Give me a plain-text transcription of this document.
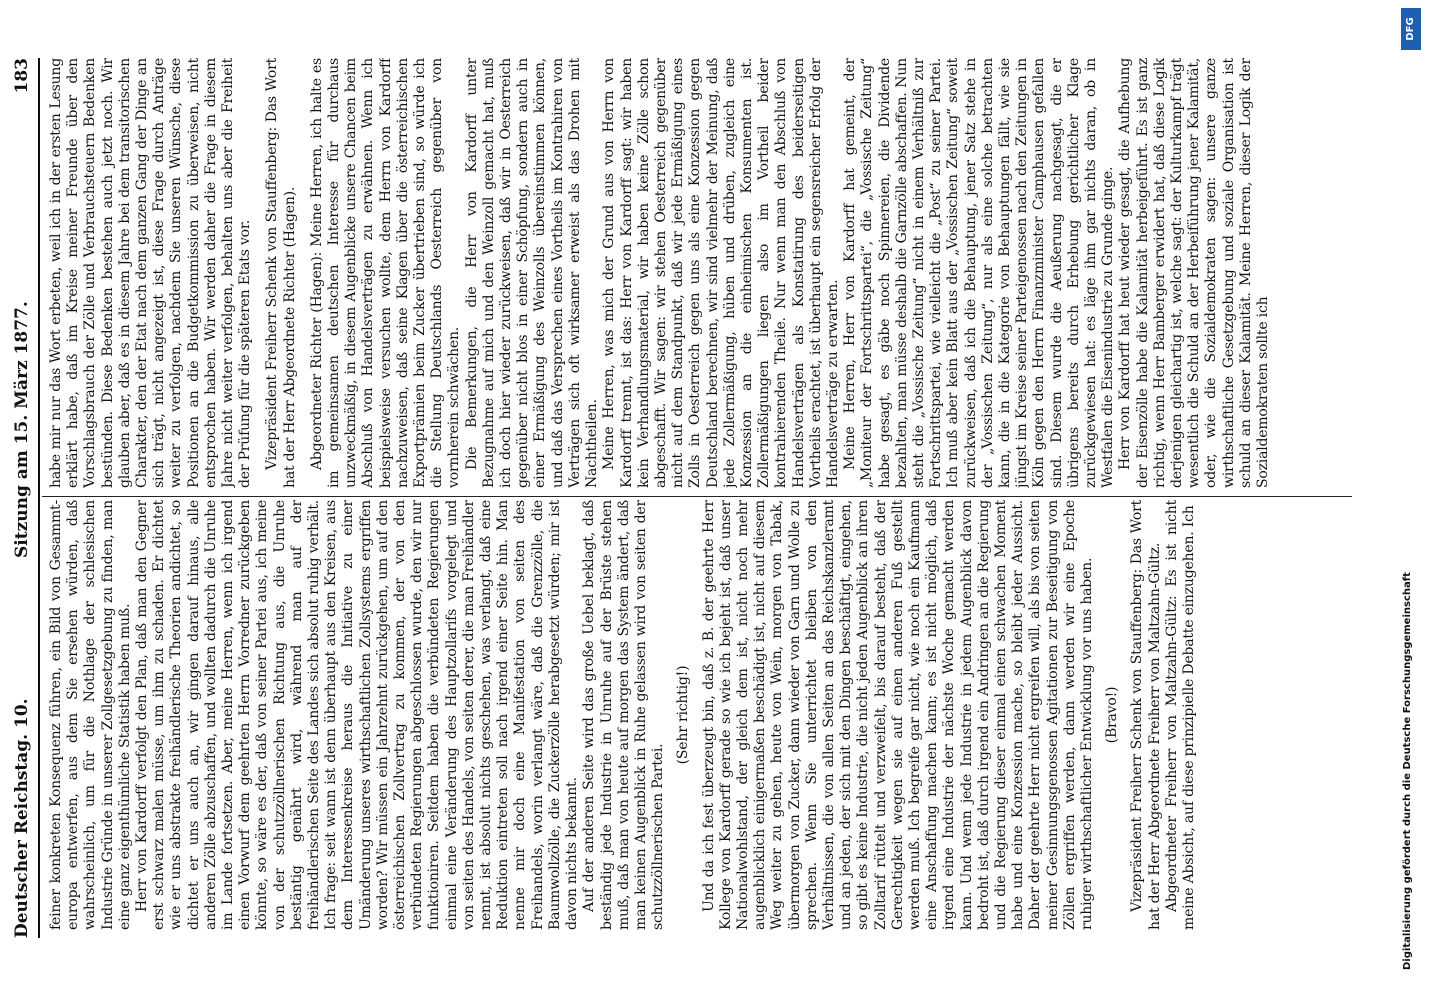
Deutscher Reichstag. 10.
Sitzung am 15. März 1877.
183

feiner konkreten Konsequenz führen, ein Bild von Gesammt-europa entwerfen, aus dem Sie ersehen würden, daß wahrscheinlich, um für die Nothlage der schlesischen Industrie Gründe in unserer Zollgesetzgebung zu finden, man eine ganz eigenthümliche Statistik haben muß. Herr von Kardorff verfolgt den Plan, daß man den Gegner erst schwarz malen müsse, um ihm zu schaden. Er dichtet wie er uns abstrakte freihändlerische Theorien andichtet, so dichtet er uns auch an, wir gingen darauf hinaus, alle anderen Zölle abzuschaffen, und wollten dadurch die Unruhe im Lande fortsetzen. Aber, meine Herren, wenn ich irgend einen Vorwurf dem geehrten Herrn Vorredner zurückgeben könnte, so wäre es der, daß von seiner Partei aus, ich meine von der schutzzöllnerischen Richtung aus, die Unruhe bestäntig genährt wird, während man auf der freihändlerischen Seite des Landes sich absolut ruhig verhält. Ich frage: seit wann ist denn überhaupt aus den Kreisen, aus dem Interessenkreise heraus die Initiative zu einer Umänderung unseres wirthschaftlichen Zollsystems ergriffen worden? Wir müssen ein Jahrzehnt zurückgehen, um auf den österreichischen Zollvertrag zu kommen, der von den verbündeten Regierungen abgeschlossen wurde, den wir nur funktioniren. Seitdem haben die verbündeten Regierungen einmal eine Veränderung des Hauptzollarifs vorgelegt und von seiten des Handels, von seiten derer, die man Freihändler nennt, ist absolut nichts geschehen, was verlangt, daß eine Reduktion eintreten soll nach irgend einer Seite hin. Man nenne mir doch eine Manifestation von seiten des Freihandels, worin verlangt wäre, daß die Grenzzölle, die Baumwollzölle, die Zuckerzölle herabgesetzt würden; mir ist davon nichts bekannt. Auf der anderen Seite wird das große Uebel beklagt, daß beständig jede Industrie in Unruhe auf der Brüste stehen muß, daß man von heute auf morgen das System ändert, daß man keinen Augenblick in Ruhe gelassen wird von seiten der schutzzöllnerischen Partei.

(Sehr richtig!) Und da ich fest überzeugt bin, daß z. B. der geehrte Herr Kollege von Kardorff gerade so wie ich bejeht ist, daß unser Nationalwohlstand, der gleich dem ist, nicht noch mehr augenblicklich einigermaßen beschädigt ist, nicht auf diesem Weg weiter zu gehen, heute von Wein, morgen von Tabak, übermorgen von Zucker, dann wieder von Garn und Wolle zu sprechen. Wenn Sie unterrichtet bleiben von den Verhältnissen, die von allen Seiten an das Reichskanzleramt und an jeden, der sich mit den Dingen beschäftigt, eingehen, so gibt es keine Industrie, die nicht jeden Augenblick an ihren Zolltarif rüttelt und verzweifelt, bis darauf besteht, daß der Gerechtigkeit wegen sie auf einen anderen Fuß gestellt werden muß. Ich begreife gar nicht, wie noch ein Kaufmann eine Anschaffung machen kann; es ist nicht möglich, daß irgend eine Industrie der nächste Woche gemacht werden kann. Und wenn jede Industrie in jedem Augenblick davon bedroht ist, daß durch irgend ein Andringen an die Regierung und die Regierung dieser einmal einen schwachen Moment habe und eine Konzession mache, so bleibt jeder Aussicht. Daher der geehrte Herr nicht ergreifen will, als bis von seiten meiner Gesinnungsgenossen Agitationen zur Beseitigung von Zöllen ergriffen werden, dann werden wir eine Epoche ruhiger wirthschaftlicher Entwicklung vor uns haben. (Bravo!) Vizepräsident Freiherr Schenk von Stauffenberg: Das Wort hat der Herr Abgeordnete Freiherr von Maltzahn-Gültz. Abgeordneter Freiherr von Maltzahn-Gültz: Es ist nicht meine Absicht, auf diese prinzipielle Debatte einzugehen. Ich

habe mir nur das Wort erbeten, weil ich in der ersten Lesung erklärt habe, daß im Kreise meiner Freunde über den Vorschlagsbrauch der Zölle und Verbrauchsteuern Bedenken bestünden. Diese Bedenken bestehen auch jetzt noch. Wir glauben aber, daß es in diesem Jahre bei dem transitorischen Charakter, den der Etat nach dem ganzen Gang der Dinge an sich trägt, nicht angezeigt ist, diese Frage durch Anträge weiter zu verfolgen, nachdem Sie unseren Wünsche, diese Positionen an die Budgetkommission zu überweisen, nicht entsprochen haben. Wir werden daher die Frage in diesem Jahre nicht weiter verfolgen, behalten uns aber die Freiheit der Prüfung für die späteren Etats vor. Vizepräsident Freiherr Schenk von Stauffenberg: Das Wort hat der Herr Abgeordnete Richter (Hagen). Abgeordneter Richter (Hagen): Meine Herren, ich halte es im gemeinsamen deutschen Interesse für durchaus unzweckmäßig, in diesem Augenblicke unsere Chancen beim Abschluß von Handelsverträgen zu erwähnen. Wenn ich beispielsweise versuchen wollte, dem Herrn von Kardorff nachzuweisen, daß seine Klagen über die österreichischen Exportprämien beim Zucker übertrieben sind, so würde ich die Stellung Deutschlands Oesterreich gegenüber von vornherein schwächen. Die Bemerkungen, die Herr von Kardorff unter Bezugnahme auf mich und den Weinzoll gemacht hat, muß ich doch hier wieder zurückweisen, daß wir in Oesterreich gegenüber nicht blos in einer Schöpfung, sondern auch in einer Ermäßigung des Weinzolls übereinstimmen können, und daß das Versprechen eines Vortheils im Kontrahiren von Verträgen sich oft wirksamer erweist als das Drohen mit Nachtheilen. Meine Herren, was mich der Grund aus von Herrn von Kardorff trennt, ist das: Herr von Kardorff sagt: wir haben kein Verhandlungsmaterial, wir haben keine Zölle schon abgeschafft. Wir sagen: wir stehen Oesterreich gegenüber nicht auf dem Standpunkt, daß wir jede Ermäßigung eines Zolls in Oesterreich gegen uns als eine Konzession gegen Deutschland berechnen, wir sind vielmehr der Meinung, daß jede Zollermäßigung, hüben und drüben, zugleich eine Konzession an die einheimischen Konsumenten ist. Zollermäßigungen liegen also im Vortheil beider kontrahierenden Theile. Nur wenn man den Abschluß von Handelsverträgen als Konstatirung des beiderseitigen Vortheils erachtet, ist überhaupt ein segensreicher Erfolg der Handelsverträge zu erwarten. Meine Herren, Herr von Kardorff hat gemeint, der „Moniteur der Fortschrittspartei“, die „Vossische Zeitung“ habe gesagt, es gäbe noch Spinnereien, die Dividende bezahlten, man müsse deshalb die Garnzölle abschaffen. Nun steht die „Vossische Zeitung“ nicht in einem Verhältniß zur Fortschrittspartei, wie vielleicht die „Post“ zu seiner Partei. Ich muß aber kein Blatt aus der „Vossischen Zeitung“ soweit zurückweisen, daß ich die Behauptung, jener Satz stehe in der „Vossischen Zeitung“, nur als eine solche betrachten kann, die in die Kategorie von Behauptungen fällt, wie sie jüngst im Kreise seiner Parteigenossen nach den Zeitungen in Köln gegen den Herrn Finanzminister Camphausen gefallen sind. Diesem wurde die Aeußerung nachgesagt, die er übrigens bereits durch Erhebung gerichtlicher Klage zurückgewiesen hat: es läge ihm gar nichts daran, ob in Westfalen die Eisenindustrie zu Grunde ginge. Herr von Kardorff hat heut wieder gesagt, die Aufhebung der Eisenzölle habe die Kalamität herbeigeführt. Es ist ganz richtig, wenn Herr Bamberger erwidert hat, daß diese Logik derjenigen gleichartig ist, welche sagt: der Kulturkampf trägt wesentlich die Schuld an der Herbeiführung jener Kalamität, oder, wie die Sozialdemokraten sagen: unsere ganze wirthschaftliche Gesetzgebung und soziale Organisation ist schuld an dieser Kalamität. Meine Herren, dieser Logik der Sozialdemokraten sollte ich

Digitalisierung gefördert durch die Deutsche Forschungsgemeinschaft
DFG
